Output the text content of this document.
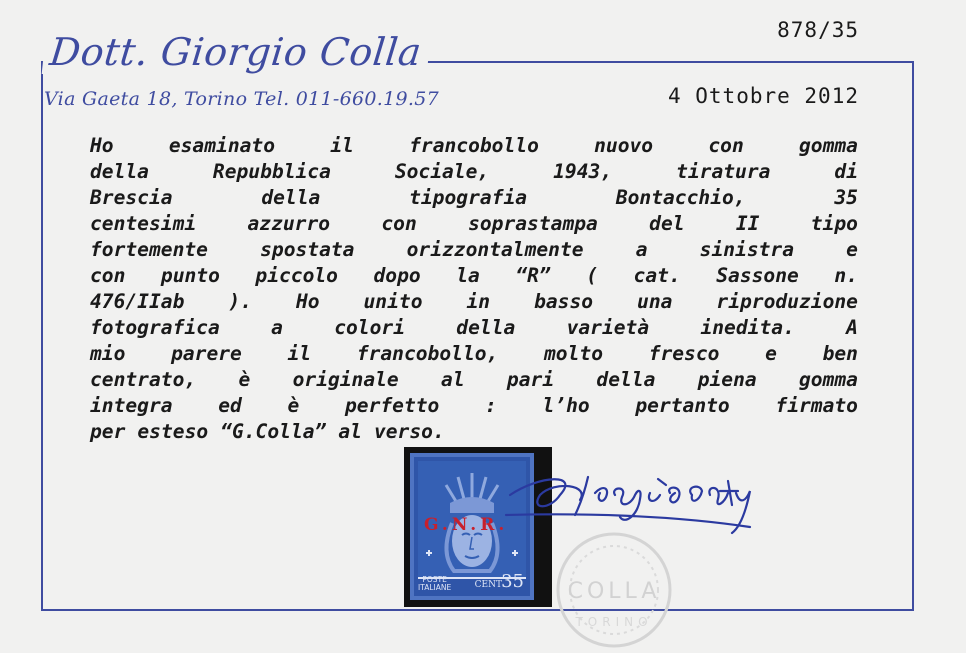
Dott. Giorgio Colla
Via Gaeta 18, Torino Tel. 011-660.19.57
878/35
4 Ottobre 2012
Ho	esaminato	il	francobollo	nuovo	con	gomma
della	Repubblica	Sociale,	1943,	tiratura	di
Brescia	della	tipografia	Bontacchio,	35
centesimi	azzurro	con	soprastampa	del	II	tipo
fortemente	spostata	orizzontalmente	a	sinistra	e
con punto piccolo dopo la “R” ( cat. Sassone n.
476/IIab ). Ho unito in basso una riproduzione
fotografica	a	colori	della	varietà	inedita.	A
mio parere il francobollo, molto fresco e ben
centrato, è originale al pari della piena gomma
integra ed è perfetto : l’ho pertanto firmato
per esteso “G.Colla” al verso.
G.N.R.
POSTE
ITALIANE	CENT 35 COLLA
TORINO
